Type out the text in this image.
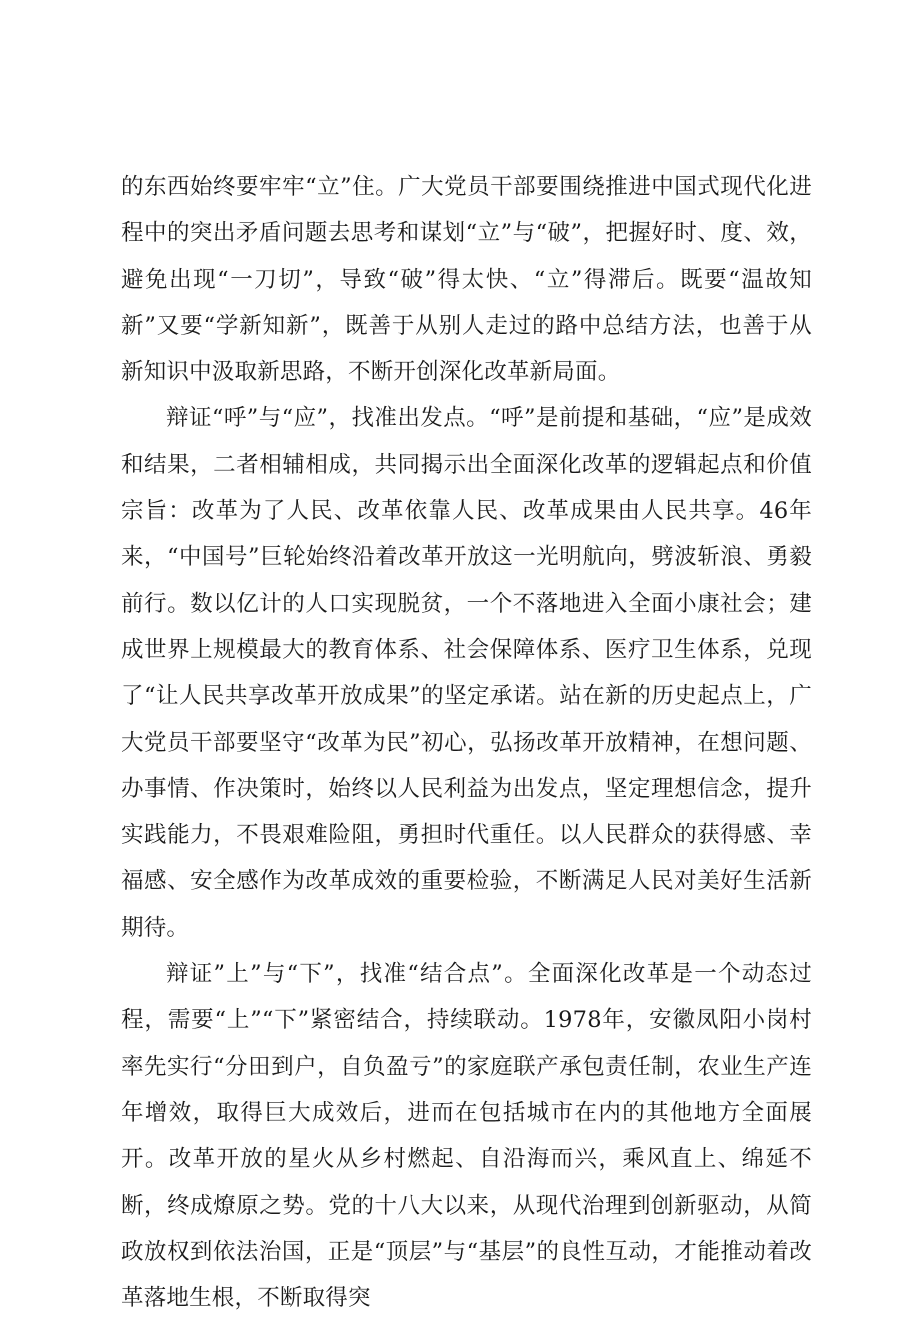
的东西始终要牢牢“立”住。广大党员干部要围绕推进中国式现代化进程中的突出矛盾问题去思考和谋划“立”与“破”，把握好时、度、效，避免出现“一刀切”，导致“破”得太快、“立”得滞后。既要“温故知新”又要“学新知新”，既善于从别人走过的路中总结方法，也善于从新知识中汲取新思路，不断开创深化改革新局面。

辩证“呼”与“应”，找准出发点。“呼”是前提和基础，“应”是成效和结果，二者相辅相成，共同揭示出全面深化改革的逻辑起点和价值宗旨：改革为了人民、改革依靠人民、改革成果由人民共享。46年来，“中国号”巨轮始终沿着改革开放这一光明航向，劈波斩浪、勇毅前行。数以亿计的人口实现脱贫，一个不落地进入全面小康社会；建成世界上规模最大的教育体系、社会保障体系、医疗卫生体系，兑现了“让人民共享改革开放成果”的坚定承诺。站在新的历史起点上，广大党员干部要坚守“改革为民”初心，弘扬改革开放精神，在想问题、办事情、作决策时，始终以人民利益为出发点，坚定理想信念，提升实践能力，不畏艰难险阻，勇担时代重任。以人民群众的获得感、幸福感、安全感作为改革成效的重要检验，不断满足人民对美好生活新期待。

辩证”上”与“下”，找准“结合点”。全面深化改革是一个动态过程，需要“上”“下”紧密结合，持续联动。1978年，安徽凤阳小岗村率先实行“分田到户，自负盈亏”的家庭联产承包责任制，农业生产连年增效，取得巨大成效后，进而在包括城市在内的其他地方全面展开。改革开放的星火从乡村燃起、自沿海而兴，乘风直上、绵延不断，终成燎原之势。党的十八大以来，从现代治理到创新驱动，从简政放权到依法治国，正是“顶层”与“基层”的良性互动，才能推动着改革落地生根，不断取得突
